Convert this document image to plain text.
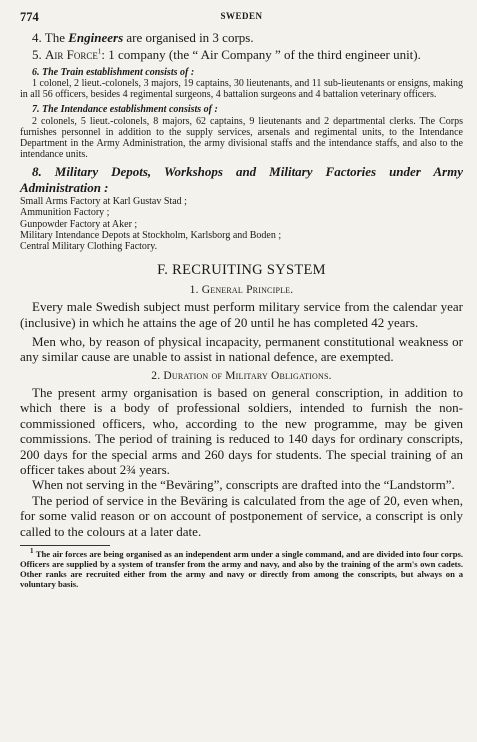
774	SWEDEN

4. The Engineers are organised in 3 corps.

5. Air Force$^1$: 1 company (the “ Air Company ” of the third engineer unit).

6. The Train establishment consists of :

1 colonel, 2 lieut.-colonels, 3 majors, 19 captains, 30 lieutenants, and 11 sub-lieutenants or ensigns, making in all 56 officers, besides 4 regimental surgeons, 4 battalion surgeons and 4 battalion veterinary officers.

7. The Intendance establishment consists of :

2 colonels, 5 lieut.-colonels, 8 majors, 62 captains, 9 lieutenants and 2 departmental clerks. The Corps furnishes personnel in addition to the supply services, arsenals and regimental units, to the Intendance Department in the Army Administration, the army divisional staffs and the intendance staffs, and also to the intendance units.

8. Military Depots, Workshops and Military Factories under Army Administration :

Small Arms Factory at Karl Gustav Stad ;
Ammunition Factory ;
Gunpowder Factory at Aker ;
Military Intendance Depots at Stockholm, Karlsborg and Boden ;
Central Military Clothing Factory.
F. RECRUITING SYSTEM
1. General Principle.

Every male Swedish subject must perform military service from the calendar year (inclusive) in which he attains the age of 20 until he has completed 42 years.

Men who, by reason of physical incapacity, permanent constitutional weakness or any similar cause are unable to assist in national defence, are exempted.

2. Duration of Military Obligations.

The present army organisation is based on general conscription, in addition to which there is a body of professional soldiers, intended to furnish the non-commissioned officers, who, according to the new programme, may be given commissions. The period of training is reduced to 140 days for ordinary conscripts, 200 days for the special arms and 260 days for students. The special training of an officer takes about 2¾ years.

When not serving in the “Beväring”, conscripts are drafted into the “Landstorm”.

The period of service in the Beväring is calculated from the age of 20, even when, for some valid reason or on account of postponement of service, a conscript is only called to the colours at a later date.

$^1$ The air forces are being organised as an independent arm under a single command, and are divided into four corps. Officers are supplied by a system of transfer from the army and navy, and also by the training of the arm's own cadets. Other ranks are recruited either from the army and navy or directly from among the conscripts, but always on a voluntary basis.
